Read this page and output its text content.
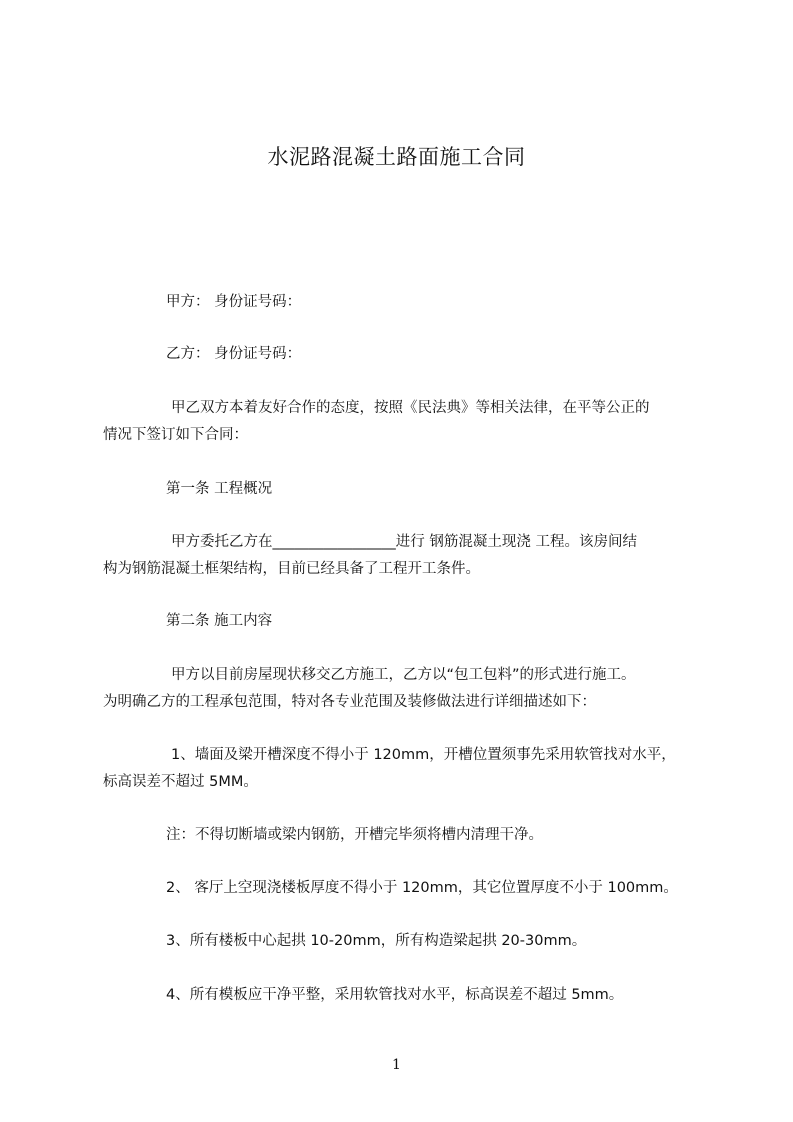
水泥路混凝土路面施工合同

甲方： 身份证号码：

乙方： 身份证号码：

甲乙双方本着友好合作的态度，按照《民法典》等相关法律，在平等公正的

情况下签订如下合同：

第一条 工程概况

甲方委托乙方在_________________进行 钢筋混凝土现浇 工程。该房间结

构为钢筋混凝土框架结构，目前已经具备了工程开工条件。

第二条 施工内容

甲方以目前房屋现状移交乙方施工，乙方以“包工包料”的形式进行施工。

为明确乙方的工程承包范围，特对各专业范围及装修做法进行详细描述如下：

1、墙面及梁开槽深度不得小于 120mm，开槽位置须事先采用软管找对水平，

标高误差不超过 5MM。

注：不得切断墙或梁内钢筋，开槽完毕须将槽内清理干净。

2、 客厅上空现浇楼板厚度不得小于 120mm，其它位置厚度不小于 100mm。

3、所有楼板中心起拱 10-20mm，所有构造梁起拱 20-30mm。

4、所有模板应干净平整，采用软管找对水平，标高误差不超过 5mm。

1
